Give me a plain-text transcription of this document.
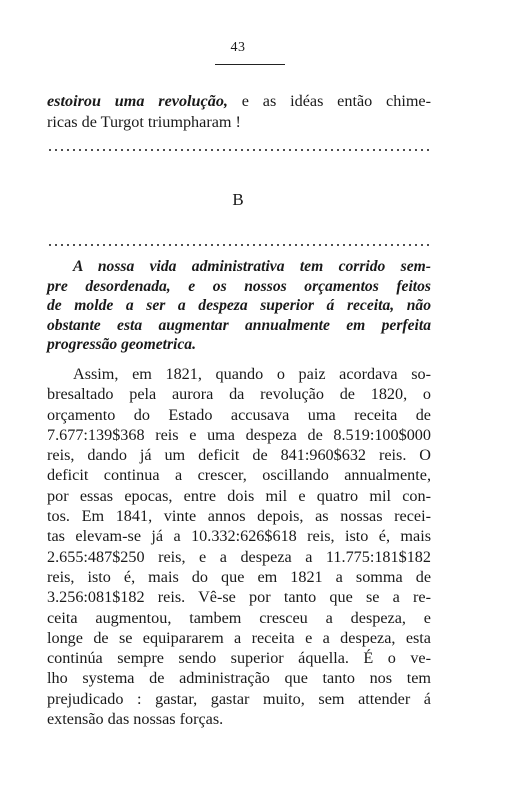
43
estoirou uma revolução, e as idéas então chime-
ricas de Turgot triumpharam !
B
A nossa vida administrativa tem corrido sem-
pre desordenada, e os nossos orçamentos feitos
de molde a ser a despeza superior á receita, não
obstante esta augmentar annualmente em perfeita
progressão geometrica.
Assim, em 1821, quando o paiz acordava so-
bresaltado pela aurora da revolução de 1820, o
orçamento do Estado accusava uma receita de
7.677:139$368 reis e uma despeza de 8.519:100$000
reis, dando já um deficit de 841:960$632 reis. O
deficit continua a crescer, oscillando annualmente,
por essas epocas, entre dois mil e quatro mil con-
tos. Em 1841, vinte annos depois, as nossas recei-
tas elevam-se já a 10.332:626$618 reis, isto é, mais
2.655:487$250 reis, e a despeza a 11.775:181$182
reis, isto é, mais do que em 1821 a somma de
3.256:081$182 reis. Vê-se por tanto que se a re-
ceita augmentou, tambem cresceu a despeza, e
longe de se equipararem a receita e a despeza, esta
continúa sempre sendo superior áquella. É o ve-
lho systema de administração que tanto nos tem
prejudicado : gastar, gastar muito, sem attender á
extensão das nossas forças.
